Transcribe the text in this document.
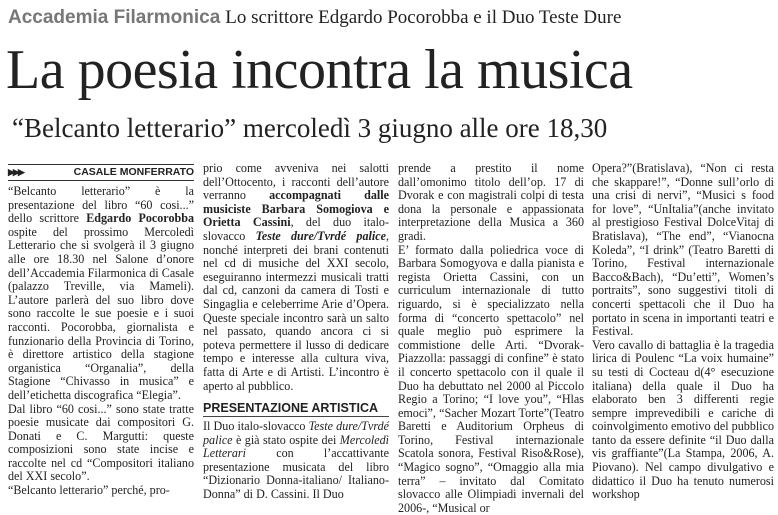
Accademia Filarmonica Lo scrittore Edgardo Pocorobba e il Duo Teste Dure
La poesia incontra la musica
“Belcanto letterario” mercoledì 3 giugno alle ore 18,30
▶▶▶	CASALE MONFERRATO

“Belcanto letterario” è la presentazione del libro “60 cosi...” dello scrittore Edgardo Pocorobba ospite del prossimo Mercoledì Letterario che si svolgerà il 3 giugno alle ore 18.30 nel Salone d’onore dell’Accademia Filarmonica di Casale (palazzo Treville, via Mameli). L’autore parlerà del suo libro dove sono raccolte le sue poesie e i suoi racconti. Pocorobba, giornalista e funzionario della Provincia di Torino, è direttore artistico della stagione organistica “Organalia”, della Stagione “Chivasso in musica” e dell’etichetta discografica “Elegia”.

Dal libro “60 cosi...” sono state tratte poesie musicate dai compositori G. Donati e C. Margutti: queste composizioni sono state incise e raccolte nel cd “Compositori italiano del XXI secolo”.

“Belcanto letterario” perché, pro-

prio come avveniva nei salotti dell’Ottocento, i racconti dell’autore verranno accompagnati dalle musiciste Barbara Somogiova e Orietta Cassini, del duo italo-slovacco Teste dure/Tvrdé palice, nonché interpreti dei brani contenuti nel cd di musiche del XXI secolo, eseguiranno intermezzi musicali tratti dal cd, canzoni da camera di Tosti e Singaglia e celeberrime Arie d’Opera. Queste speciale incontro sarà un salto nel passato, quando ancora ci si poteva permettere il lusso di dedicare tempo e interesse alla cultura viva, fatta di Arte e di Artisti. L’incontro è aperto al pubblico.

PRESENTAZIONE ARTISTICA

Il Duo italo-slovacco Teste dure/Tvrdé palice è già stato ospite dei Mercoledì Letterari con l’accattivante presentazione musicata del libro “Dizionario Donna-italiano/ Italiano-Donna” di D. Cassini. Il Duo

prende a prestito il nome dall’omonimo titolo dell’op. 17 di Dvorak e con magistrali colpi di testa dona la personale e appassionata interpretazione della Musica a 360 gradi.

E’ formato dalla poliedrica voce di Barbara Somogyova e dalla pianista e regista Orietta Cassini, con un curriculum internazionale di tutto riguardo, si è specializzato nella forma di “concerto spettacolo” nel quale meglio può esprimere la commistione delle Arti. “Dvorak-Piazzolla: passaggi di confine” è stato il concerto spettacolo con il quale il Duo ha debuttato nel 2000 al Piccolo Regio a Torino; “I love you”, “Hlas emoci”, “Sacher Mozart Torte”(Teatro Baretti e Auditorium Orpheus di Torino, Festival internazionale Scatola sonora, Festival Riso&Rose), “Magico sogno”, “Omaggio alla mia terra” – invitato dal Comitato slovacco alle Olimpiadi invernali del 2006-, “Musical or

Opera?”(Bratislava), “Non ci resta che skappare!”, “Donne sull’orlo di una crisi di nervi”, “Musici s food for love”, “UnItalia”(anche invitato al prestigioso Festival DolceVitaj di Bratislava), “The end”, “Vianocna Koleda”, “I drink” (Teatro Baretti di Torino, Festival internazionale Bacco&Bach), “Du’etti”, Women’s portraits”, sono suggestivi titoli di concerti spettacoli che il Duo ha portato in scena in importanti teatri e Festival.

Vero cavallo di battaglia è la tragedia lirica di Poulenc “La voix humaine” su testi di Cocteau d(4° esecuzione italiana) della quale il Duo ha elaborato ben 3 differenti regie sempre imprevedibili e cariche di coinvolgimento emotivo del pubblico tanto da essere definite “il Duo dalla vis graffiante”(La Stampa, 2006, A. Piovano). Nel campo divulgativo e didattico il Duo ha tenuto numerosi workshop
